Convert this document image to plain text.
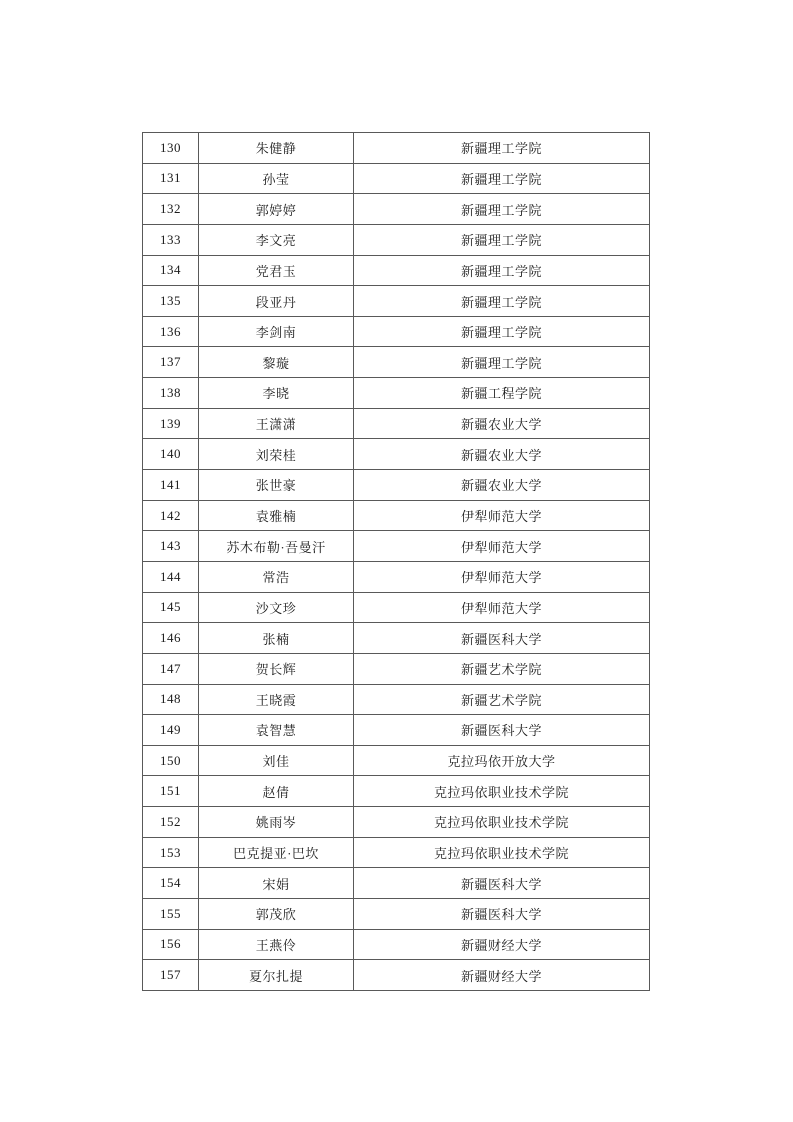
130	朱健静	新疆理工学院
131	孙莹	新疆理工学院
132	郭婷婷	新疆理工学院
133	李文亮	新疆理工学院
134	党君玉	新疆理工学院
135	段亚丹	新疆理工学院
136	李剑南	新疆理工学院
137	黎璇	新疆理工学院
138	李晓	新疆工程学院
139	王潇潇	新疆农业大学
140	刘荣桂	新疆农业大学
141	张世豪	新疆农业大学
142	袁雅楠	伊犁师范大学
143	苏木布勒·吾曼汗	伊犁师范大学
144	常浩	伊犁师范大学
145	沙文珍	伊犁师范大学
146	张楠	新疆医科大学
147	贺长辉	新疆艺术学院
148	王晓霞	新疆艺术学院
149	袁智慧	新疆医科大学
150	刘佳	克拉玛依开放大学
151	赵倩	克拉玛依职业技术学院
152	姚雨岑	克拉玛依职业技术学院
153	巴克提亚·巴坎	克拉玛依职业技术学院
154	宋娟	新疆医科大学
155	郭茂欣	新疆医科大学
156	王燕伶	新疆财经大学
157	夏尔扎提	新疆财经大学
